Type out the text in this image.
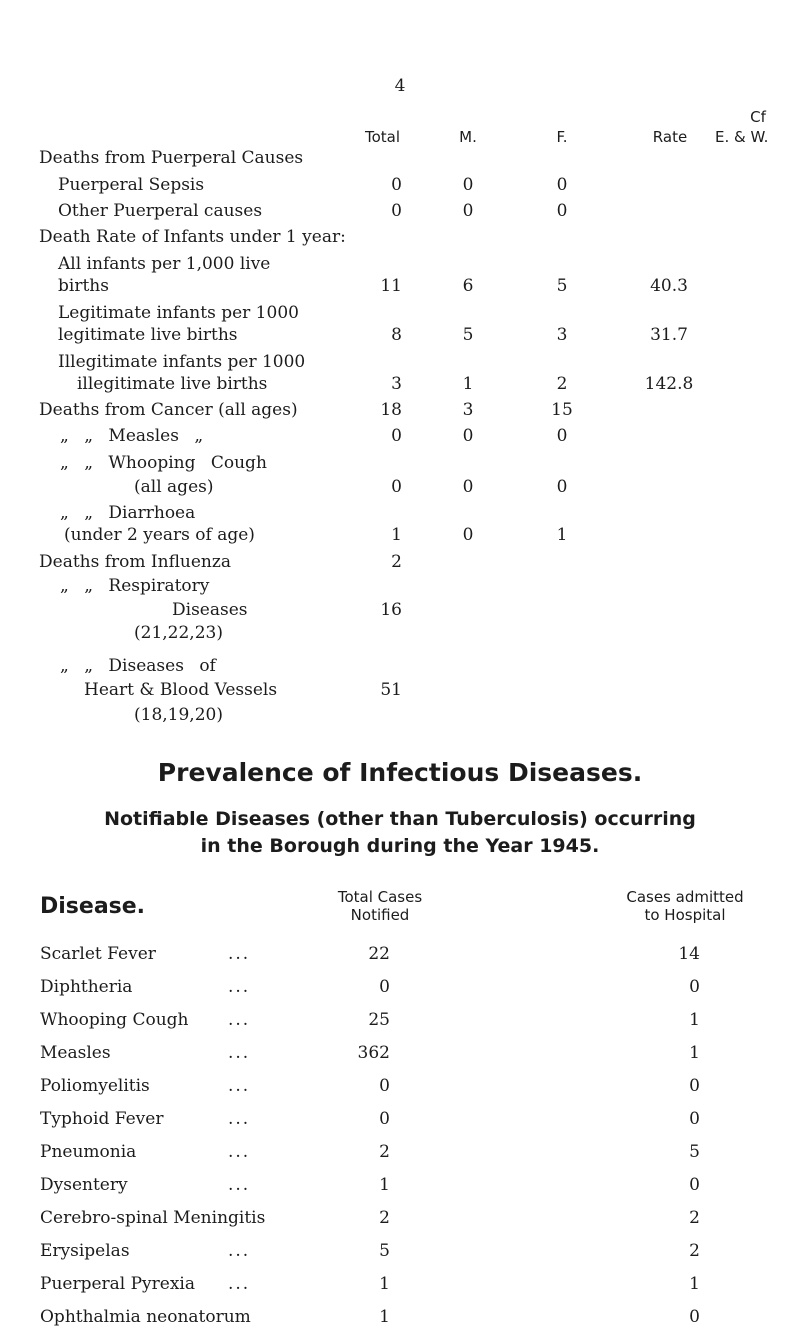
4
Total	M.	F.	Rate
Cf
E. & W.
Deaths from Puerperal Causes
Puerperal Sepsis	0	0	0
Other Puerperal causes	0	0	0
Death Rate of Infants under 1 year:
All infants per 1,000 live
births	11	6	5	40.3
Legitimate infants per 1000
legitimate live births	8	5	3	31.7
Illegitimate infants per 1000
illegitimate live births	3	1	2	142.8
Deaths from Cancer (all ages)	18	3	15
„ „ Measles „	0	0	0
„ „ Whooping Cough
(all ages)	0	0	0
„ „ Diarrhoea
(under 2 years of age)	1	0	1
Deaths from Influenza	2
„ „ Respiratory
Diseases	16
(21,22,23)
„ „ Diseases of
Heart & Blood Vessels	51
(18,19,20)
Prevalence of Infectious Diseases.
Notifiable Diseases (other than Tuberculosis) occurring
in the Borough during the Year 1945.
Disease.	Total Cases
Notified
Cases admitted
to Hospital
Scarlet Fever	...	22	14
Diphtheria	...	0	0
Whooping Cough ...	25	1
Measles	...	362	1
Poliomyelitis	...	0	0
Typhoid Fever	...	0	0
Pneumonia	...	2	5
Dysentery	...	1	0
Cerebro-spinal Meningitis	2	2
Erysipelas	...	5	2
Puerperal Pyrexia ...	1	1
Ophthalmia neonatorum	1	0
